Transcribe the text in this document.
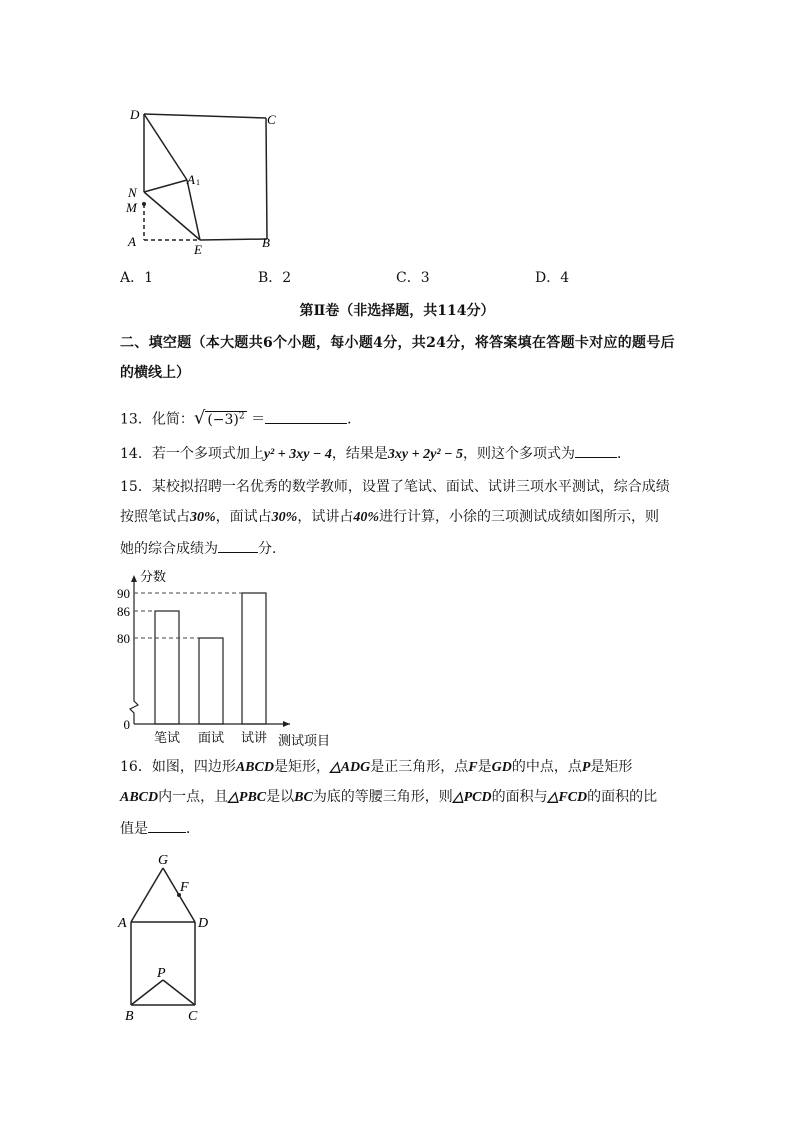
D	C
A 1
N
M
A
E	B
A．1	B．2	C．3	D．4
第Ⅱ卷（非选择题，共114分）
二、填空题（本大题共6个小题，每小题4分，共24分，将答案填在答题卡对应的题号后
的横线上）
13．化简：√ $(-3)^2$ ＝	．
14．若一个多项式加上y² + 3xy − 4，结果是3xy + 2y² − 5，则这个多项式为	．
15．某校拟招聘一名优秀的数学教师，设置了笔试、面试、试讲三项水平测试，综合成绩
按照笔试占30%，面试占30%，试讲占40%进行计算，小徐的三项测试成绩如图所示，则
她的综合成绩为	分．
分数
测试项目
笔试 面试 试讲
90
86
80
0
16．如图，四边形ABCD是矩形，△ADG是正三角形，点F是GD的中点，点P是矩形
ABCD内一点，且△PBC是以BC为底的等腰三角形，则△PCD的面积与△FCD的面积的比
值是	．
G
F
A	D
P
B	C
